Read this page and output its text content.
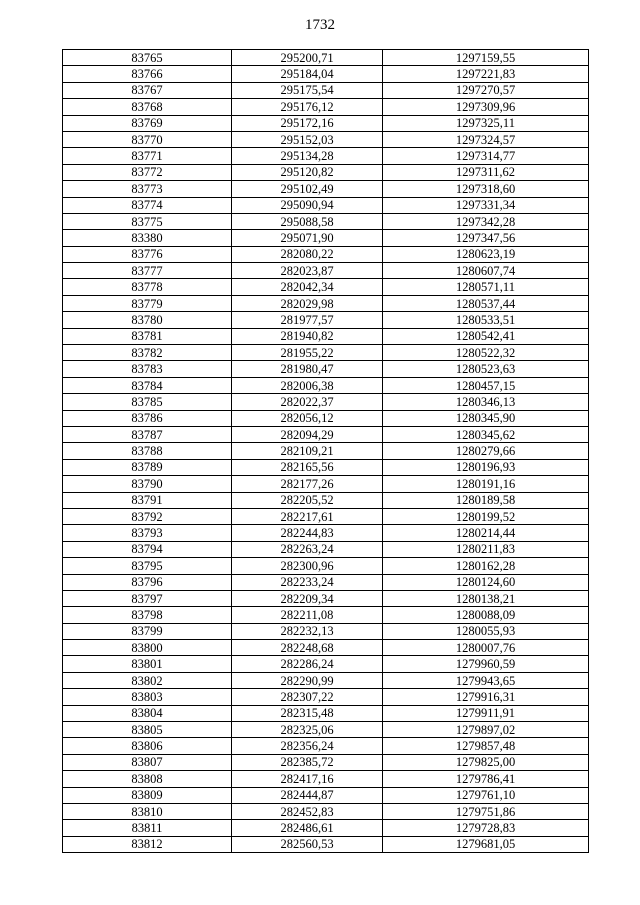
1732
83765	295200,71	1297159,55
83766	295184,04	1297221,83
83767	295175,54	1297270,57
83768	295176,12	1297309,96
83769	295172,16	1297325,11
83770	295152,03	1297324,57
83771	295134,28	1297314,77
83772	295120,82	1297311,62
83773	295102,49	1297318,60
83774	295090,94	1297331,34
83775	295088,58	1297342,28
83380	295071,90	1297347,56
83776	282080,22	1280623,19
83777	282023,87	1280607,74
83778	282042,34	1280571,11
83779	282029,98	1280537,44
83780	281977,57	1280533,51
83781	281940,82	1280542,41
83782	281955,22	1280522,32
83783	281980,47	1280523,63
83784	282006,38	1280457,15
83785	282022,37	1280346,13
83786	282056,12	1280345,90
83787	282094,29	1280345,62
83788	282109,21	1280279,66
83789	282165,56	1280196,93
83790	282177,26	1280191,16
83791	282205,52	1280189,58
83792	282217,61	1280199,52
83793	282244,83	1280214,44
83794	282263,24	1280211,83
83795	282300,96	1280162,28
83796	282233,24	1280124,60
83797	282209,34	1280138,21
83798	282211,08	1280088,09
83799	282232,13	1280055,93
83800	282248,68	1280007,76
83801	282286,24	1279960,59
83802	282290,99	1279943,65
83803	282307,22	1279916,31
83804	282315,48	1279911,91
83805	282325,06	1279897,02
83806	282356,24	1279857,48
83807	282385,72	1279825,00
83808	282417,16	1279786,41
83809	282444,87	1279761,10
83810	282452,83	1279751,86
83811	282486,61	1279728,83
83812	282560,53	1279681,05
